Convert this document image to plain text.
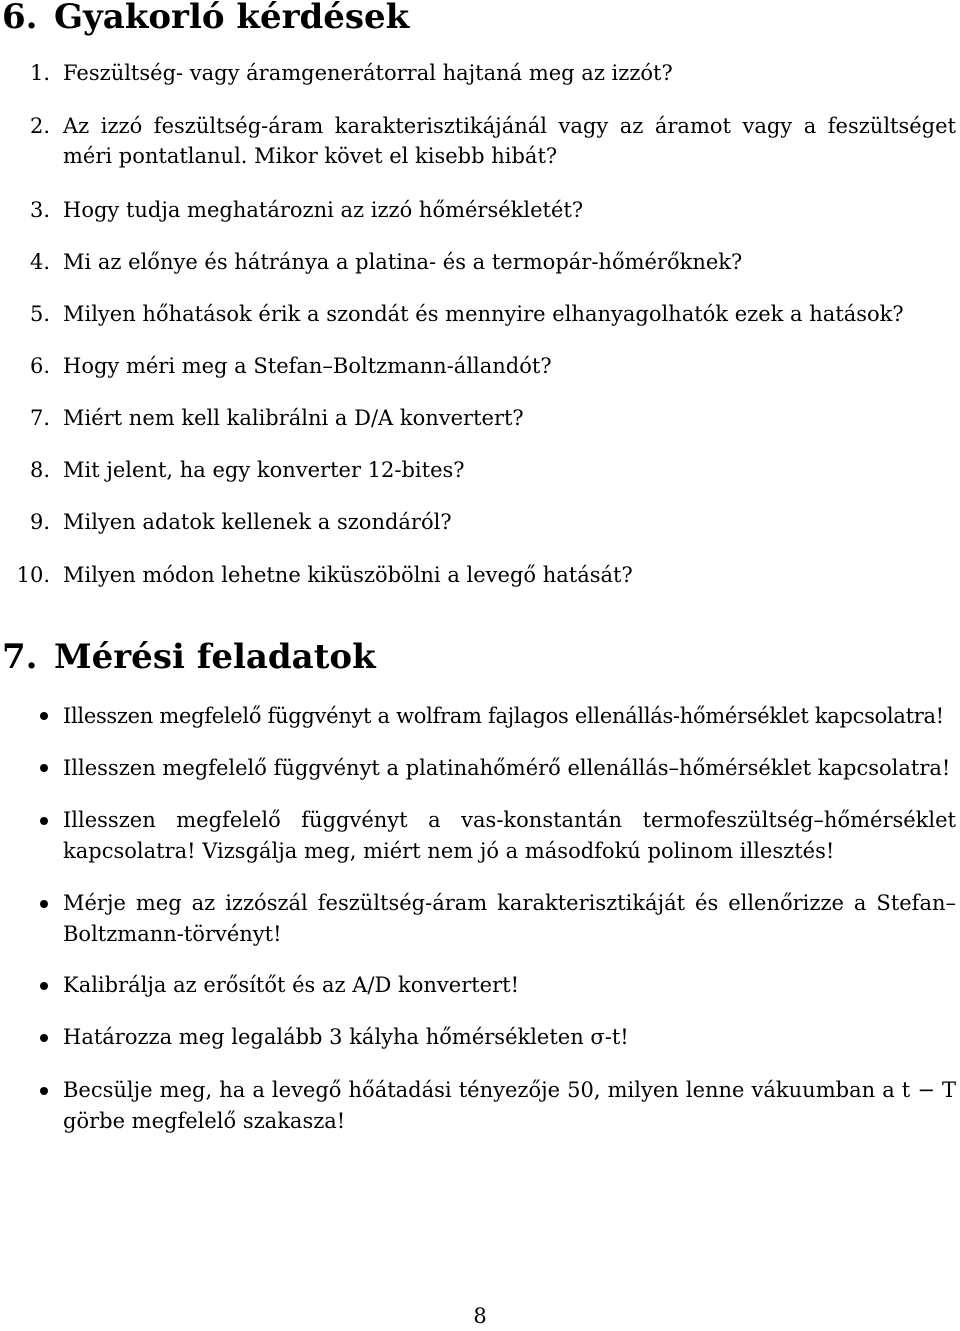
6. Gyakorló kérdések
1. Feszültség- vagy áramgenerátorral hajtaná meg az izzót?
2. Az izzó feszültség-áram karakterisztikájánál vagy az áramot vagy a feszültséget méri pontatlanul. Mikor követ el kisebb hibát?
3. Hogy tudja meghatározni az izzó hőmérsékletét?
4. Mi az előnye és hátránya a platina- és a termopár-hőmérőknek?
5. Milyen hőhatások érik a szondát és mennyire elhanyagolhatók ezek a hatások?
6. Hogy méri meg a Stefan–Boltzmann-állandót?
7. Miért nem kell kalibrálni a D/A konvertert?
8. Mit jelent, ha egy konverter 12-bites?
9. Milyen adatok kellenek a szondáról?
10. Milyen módon lehetne kiküszöbölni a levegő hatását?
7. Mérési feladatok
Illesszen megfelelő függvényt a wolfram fajlagos ellenállás-hőmérséklet kapcsolatra!
Illesszen megfelelő függvényt a platinahőmérő ellenállás–hőmérséklet kapcsolatra!
Illesszen megfelelő függvényt a vas-konstantán termofeszültség–hőmérséklet kapcsolatra! Vizsgálja meg, miért nem jó a másodfokú polinom illesztés!
Mérje meg az izzószál feszültség-áram karakterisztikáját és ellenőrizze a Stefan–Boltzmann-törvényt!
Kalibrálja az erősítőt és az A/D konvertert!
Határozza meg legalább 3 kályha hőmérsékleten σ-t!
Becsülje meg, ha a levegő hőátadási tényezője 50, milyen lenne vákuumban a t − T görbe megfelelő szakasza!
8
